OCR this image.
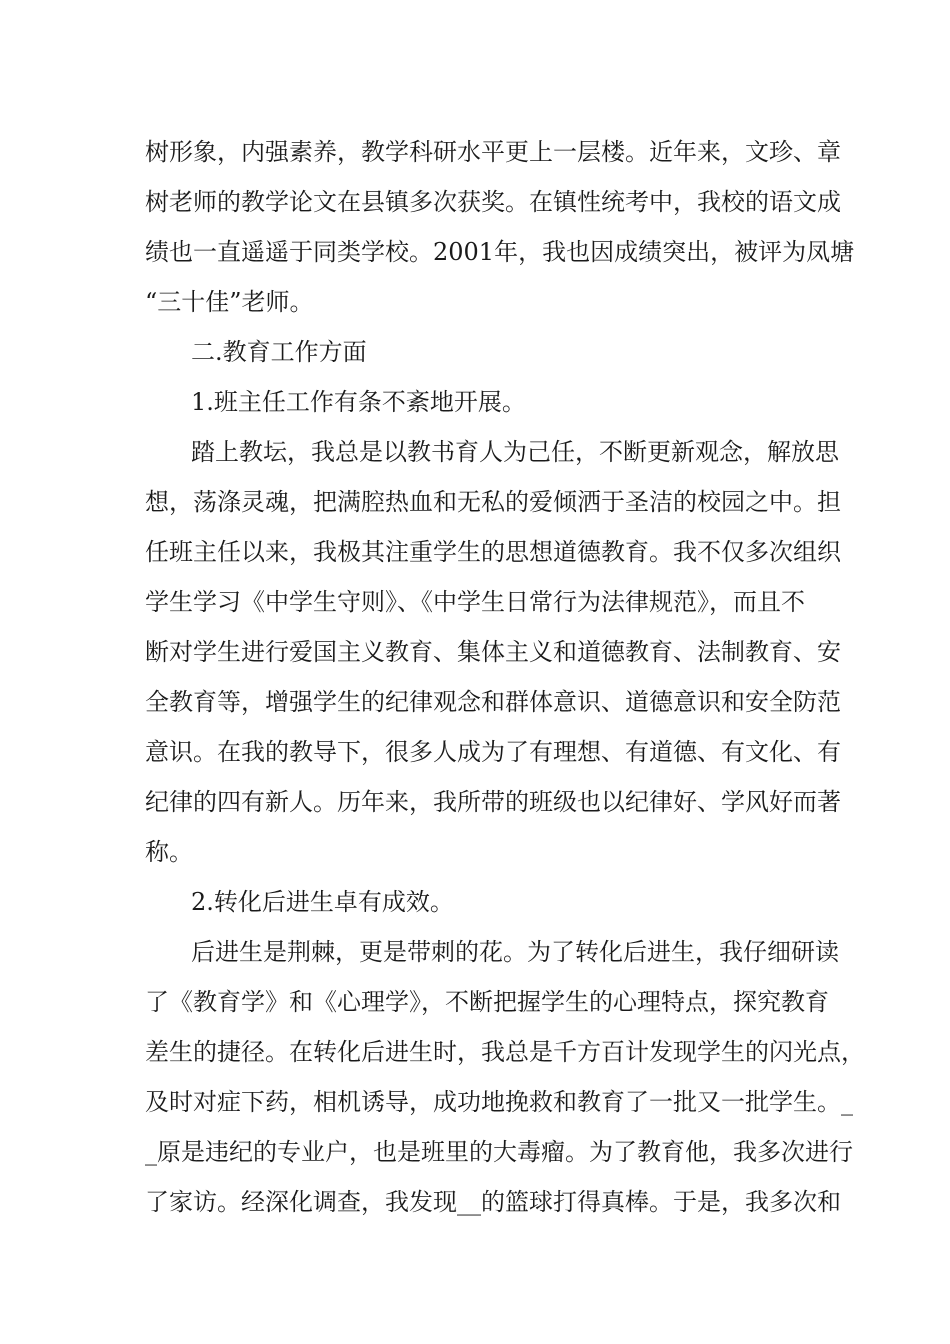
树形象，内强素养，教学科研水平更上一层楼。近年来，文珍、章
树老师的教学论文在县镇多次获奖。在镇性统考中，我校的语文成
绩也一直遥遥于同类学校。2001年，我也因成绩突出，被评为凤塘
“三十佳”老师。
二.教育工作方面
1.班主任工作有条不紊地开展。
踏上教坛，我总是以教书育人为己任，不断更新观念，解放思
想，荡涤灵魂，把满腔热血和无私的爱倾洒于圣洁的校园之中。担
任班主任以来，我极其注重学生的思想道德教育。我不仅多次组织
学生学习《中学生守则》、《中学生日常行为法律规范》，而且不
断对学生进行爱国主义教育、集体主义和道德教育、法制教育、安
全教育等，增强学生的纪律观念和群体意识、道德意识和安全防范
意识。在我的教导下，很多人成为了有理想、有道德、有文化、有
纪律的四有新人。历年来，我所带的班级也以纪律好、学风好而著
称。
2.转化后进生卓有成效。
后进生是荆棘，更是带刺的花。为了转化后进生，我仔细研读
了《教育学》和《心理学》，不断把握学生的心理特点，探究教育
差生的捷径。在转化后进生时，我总是千方百计发现学生的闪光点，
及时对症下药，相机诱导，成功地挽救和教育了一批又一批学生。_
_原是违纪的专业户，也是班里的大毒瘤。为了教育他，我多次进行
了家访。经深化调查，我发现__的篮球打得真棒。于是，我多次和
